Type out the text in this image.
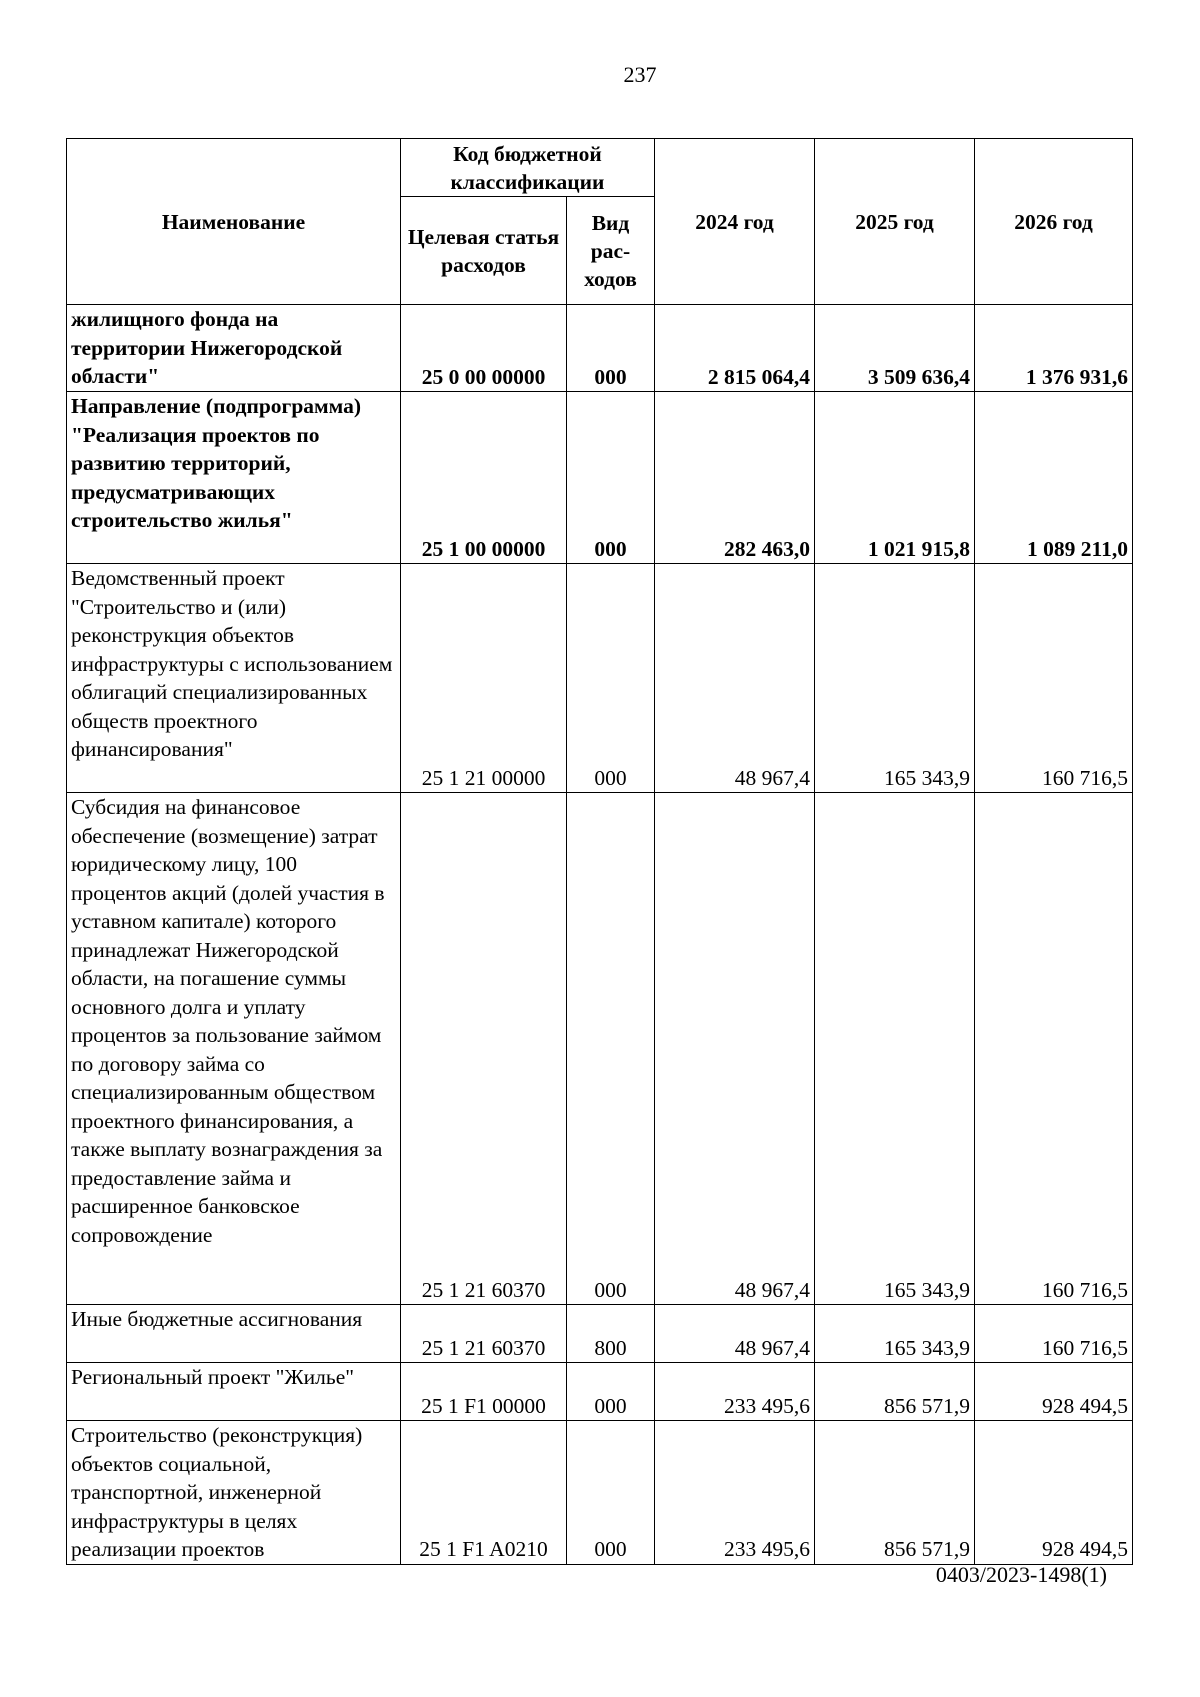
237
Наименование	Код бюджетной классификации		2024 год	2025 год	2026 год
	Целевая статья расходов	Вид рас- ходов			
жилищного фонда на территории Нижегородской области"	25 0 00 00000	000	2 815 064,4	3 509 636,4	1 376 931,6
Направление (подпрограмма) "Реализация проектов по развитию территорий, предусматривающих строительство жилья"	25 1 00 00000	000	282 463,0	1 021 915,8	1 089 211,0
Ведомственный проект "Строительство и (или) реконструкция объектов инфраструктуры с использованием облигаций специализированных обществ проектного финансирования"	25 1 21 00000	000	48 967,4	165 343,9	160 716,5
Субсидия на финансовое обеспечение (возмещение) затрат юридическому лицу, 100 процентов акций (долей участия в уставном капитале) которого принадлежат Нижегородской области, на погашение суммы основного долга и уплату процентов за пользование займом по договору займа со специализированным обществом проектного финансирования, а также выплату вознаграждения за предоставление займа и расширенное банковское сопровождение	25 1 21 60370	000	48 967,4	165 343,9	160 716,5
Иные бюджетные ассигнования	25 1 21 60370	800	48 967,4	165 343,9	160 716,5
Региональный проект "Жилье"	25 1 F1 00000	000	233 495,6	856 571,9	928 494,5
Строительство (реконструкция) объектов социальной, транспортной, инженерной инфраструктуры в целях реализации проектов	25 1 F1 A0210	000	233 495,6	856 571,9	928 494,5
0403/2023-1498(1)
